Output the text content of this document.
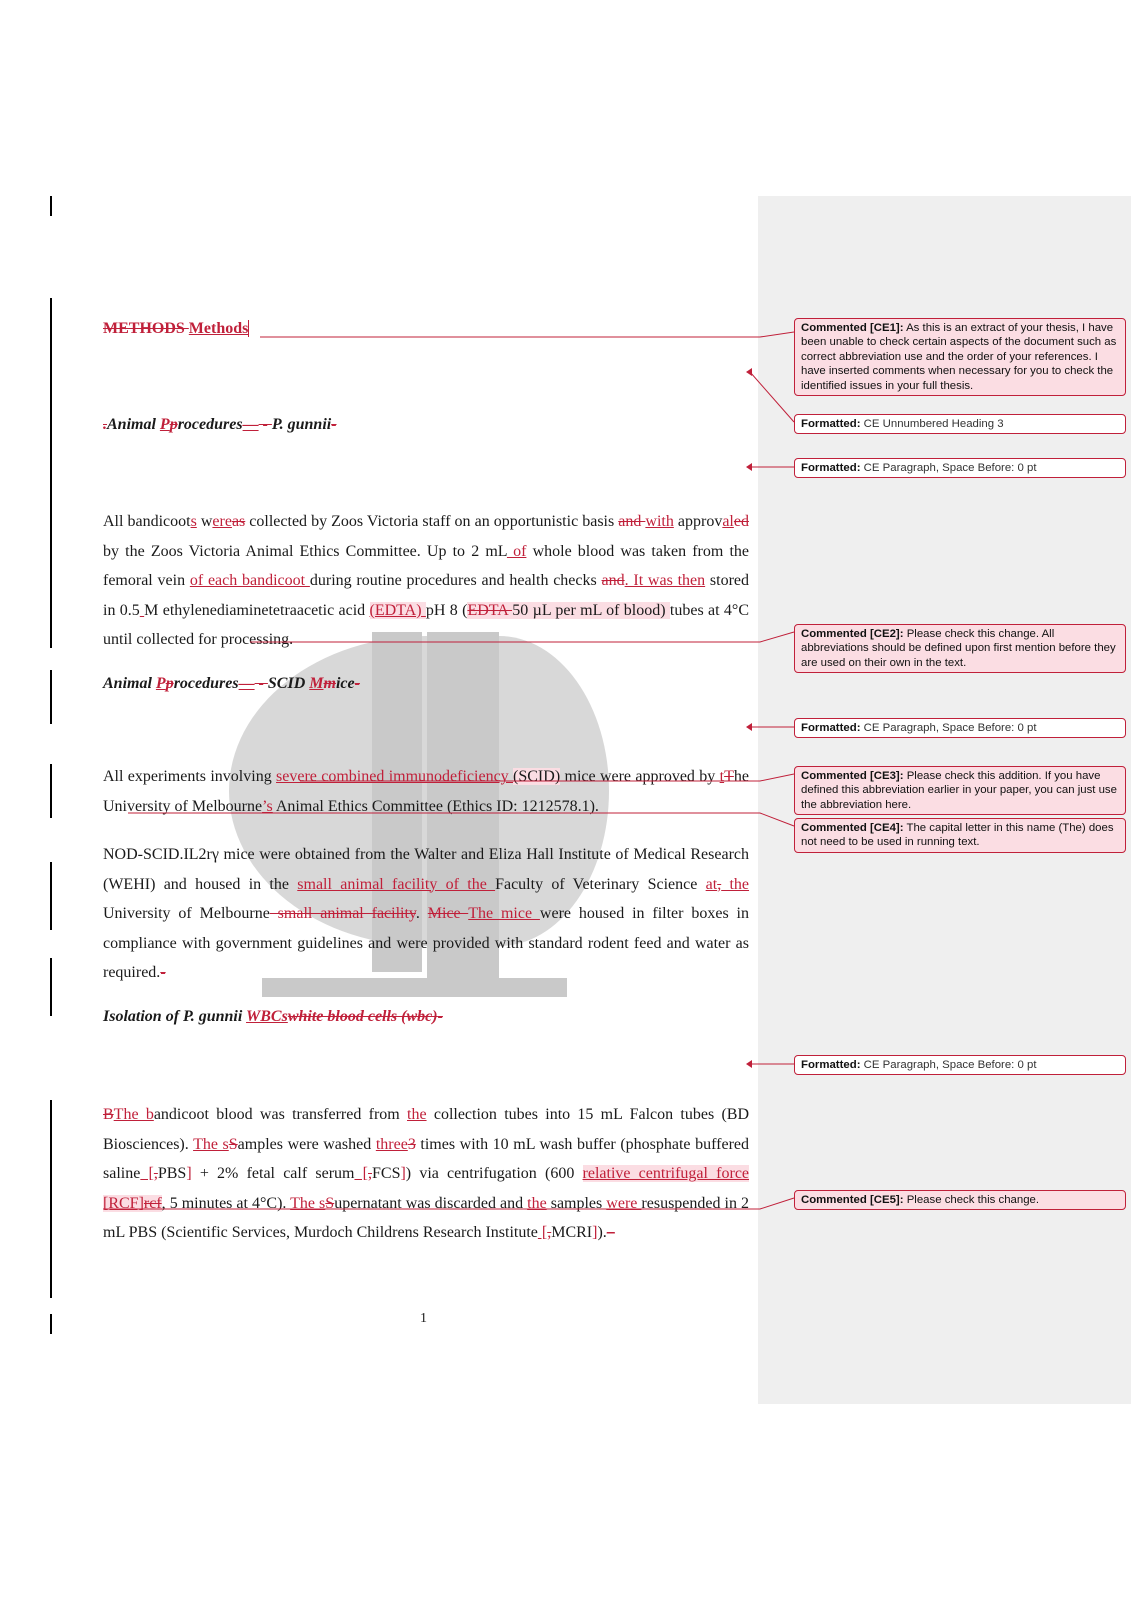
METHODS Methods
.Animal Pprocedures— - P. gunnii-
All bandicoots wereas collected by Zoos Victoria staff on an opportunistic basis and with approvaled by the Zoos Victoria Animal Ethics Committee. Up to 2 mL of whole blood was taken from the femoral vein of each bandicoot during routine procedures and health checks and. It was then stored in 0.5 M ethylenediaminetetraacetic acid (EDTA) pH 8 (EDTA 50 µL per mL of blood) tubes at 4°C until collected for processing.
Animal Pprocedures— - SCID Mmice-
All experiments involving severe combined immunodeficiency (SCID) mice were approved by tThe University of Melbourne’s Animal Ethics Committee (Ethics ID: 1212578.1).
NOD-SCID.IL2rγ mice were obtained from the Walter and Eliza Hall Institute of Medical Research (WEHI) and housed in the small animal facility of the Faculty of Veterinary Science at, the University of Melbourne small animal facility. Mice The mice were housed in filter boxes in compliance with government guidelines and were provided with standard rodent feed and water as required.-
Isolation of P. gunnii WBCswhite blood cells (wbc)-
BThe bandicoot blood was transferred from the collection tubes into 15 mL Falcon tubes (BD Biosciences). The sSamples were washed three3 times with 10 mL wash buffer (phosphate buffered saline [,PBS] + 2% fetal calf serum [,FCS]) via centrifugation (600 relative centrifugal force [RCF]rcf, 5 minutes at 4°C). The sSupernatant was discarded and the samples were resuspended in 2 mL PBS (Scientific Services, Murdoch Childrens Research Institute [,MCRI]).–
1
Commented [CE1]: As this is an extract of your thesis, I have been unable to check certain aspects of the document such as correct abbreviation use and the order of your references. I have inserted comments when necessary for you to check the identified issues in your full thesis.
Formatted: CE Unnumbered Heading 3
Formatted: CE Paragraph, Space Before: 0 pt
Commented [CE2]: Please check this change. All abbreviations should be defined upon first mention before they are used on their own in the text.
Formatted: CE Paragraph, Space Before: 0 pt
Commented [CE3]: Please check this addition. If you have defined this abbreviation earlier in your paper, you can just use the abbreviation here.
Commented [CE4]: The capital letter in this name (The) does not need to be used in running text.
Formatted: CE Paragraph, Space Before: 0 pt
Commented [CE5]: Please check this change.
